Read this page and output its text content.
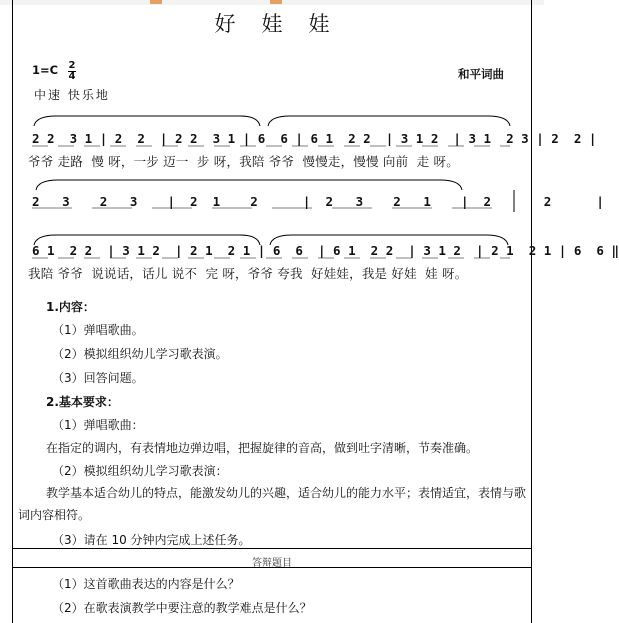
好娃娃
1=C 2
4
中速 快乐地
和平词曲
2 2  3 1 | 2  2  | 2 2  3 1 | 6  6 | 6 1  2 2  | 3 1 2  | 3 1  2 3 | 2  2 |
爷爷 走路  慢 呀，一步 迈一  步 呀，我陪 爷爷  慢慢走，慢慢 向前  走 呀。
2   3    2   3    |  2  1    2      |  2   3    2   1    |  2       2      |
6 1  2 2  | 3 1 2  | 2 1  2 1 | 6  6  | 6 1  2 2  | 3 1 2  | 2 1  2 1 | 6  6 ‖
我陪 爷爷  说说话，话儿 说不  完 呀，爷爷 夸我  好娃娃，我是 好娃  娃 呀。
1.内容：
（1）弹唱歌曲。
（2）模拟组织幼儿学习歌表演。
（3）回答问题。
2.基本要求：
（1）弹唱歌曲：
在指定的调内，有表情地边弹边唱，把握旋律的音高，做到吐字清晰，节奏准确。
（2）模拟组织幼儿学习歌表演：
教学基本适合幼儿的特点，能激发幼儿的兴趣，适合幼儿的能力水平；表情适宜，表情与歌词内容相符。
（3）请在 10 分钟内完成上述任务。
答辩题目
（1）这首歌曲表达的内容是什么？
（2）在歌表演教学中要注意的教学难点是什么？
